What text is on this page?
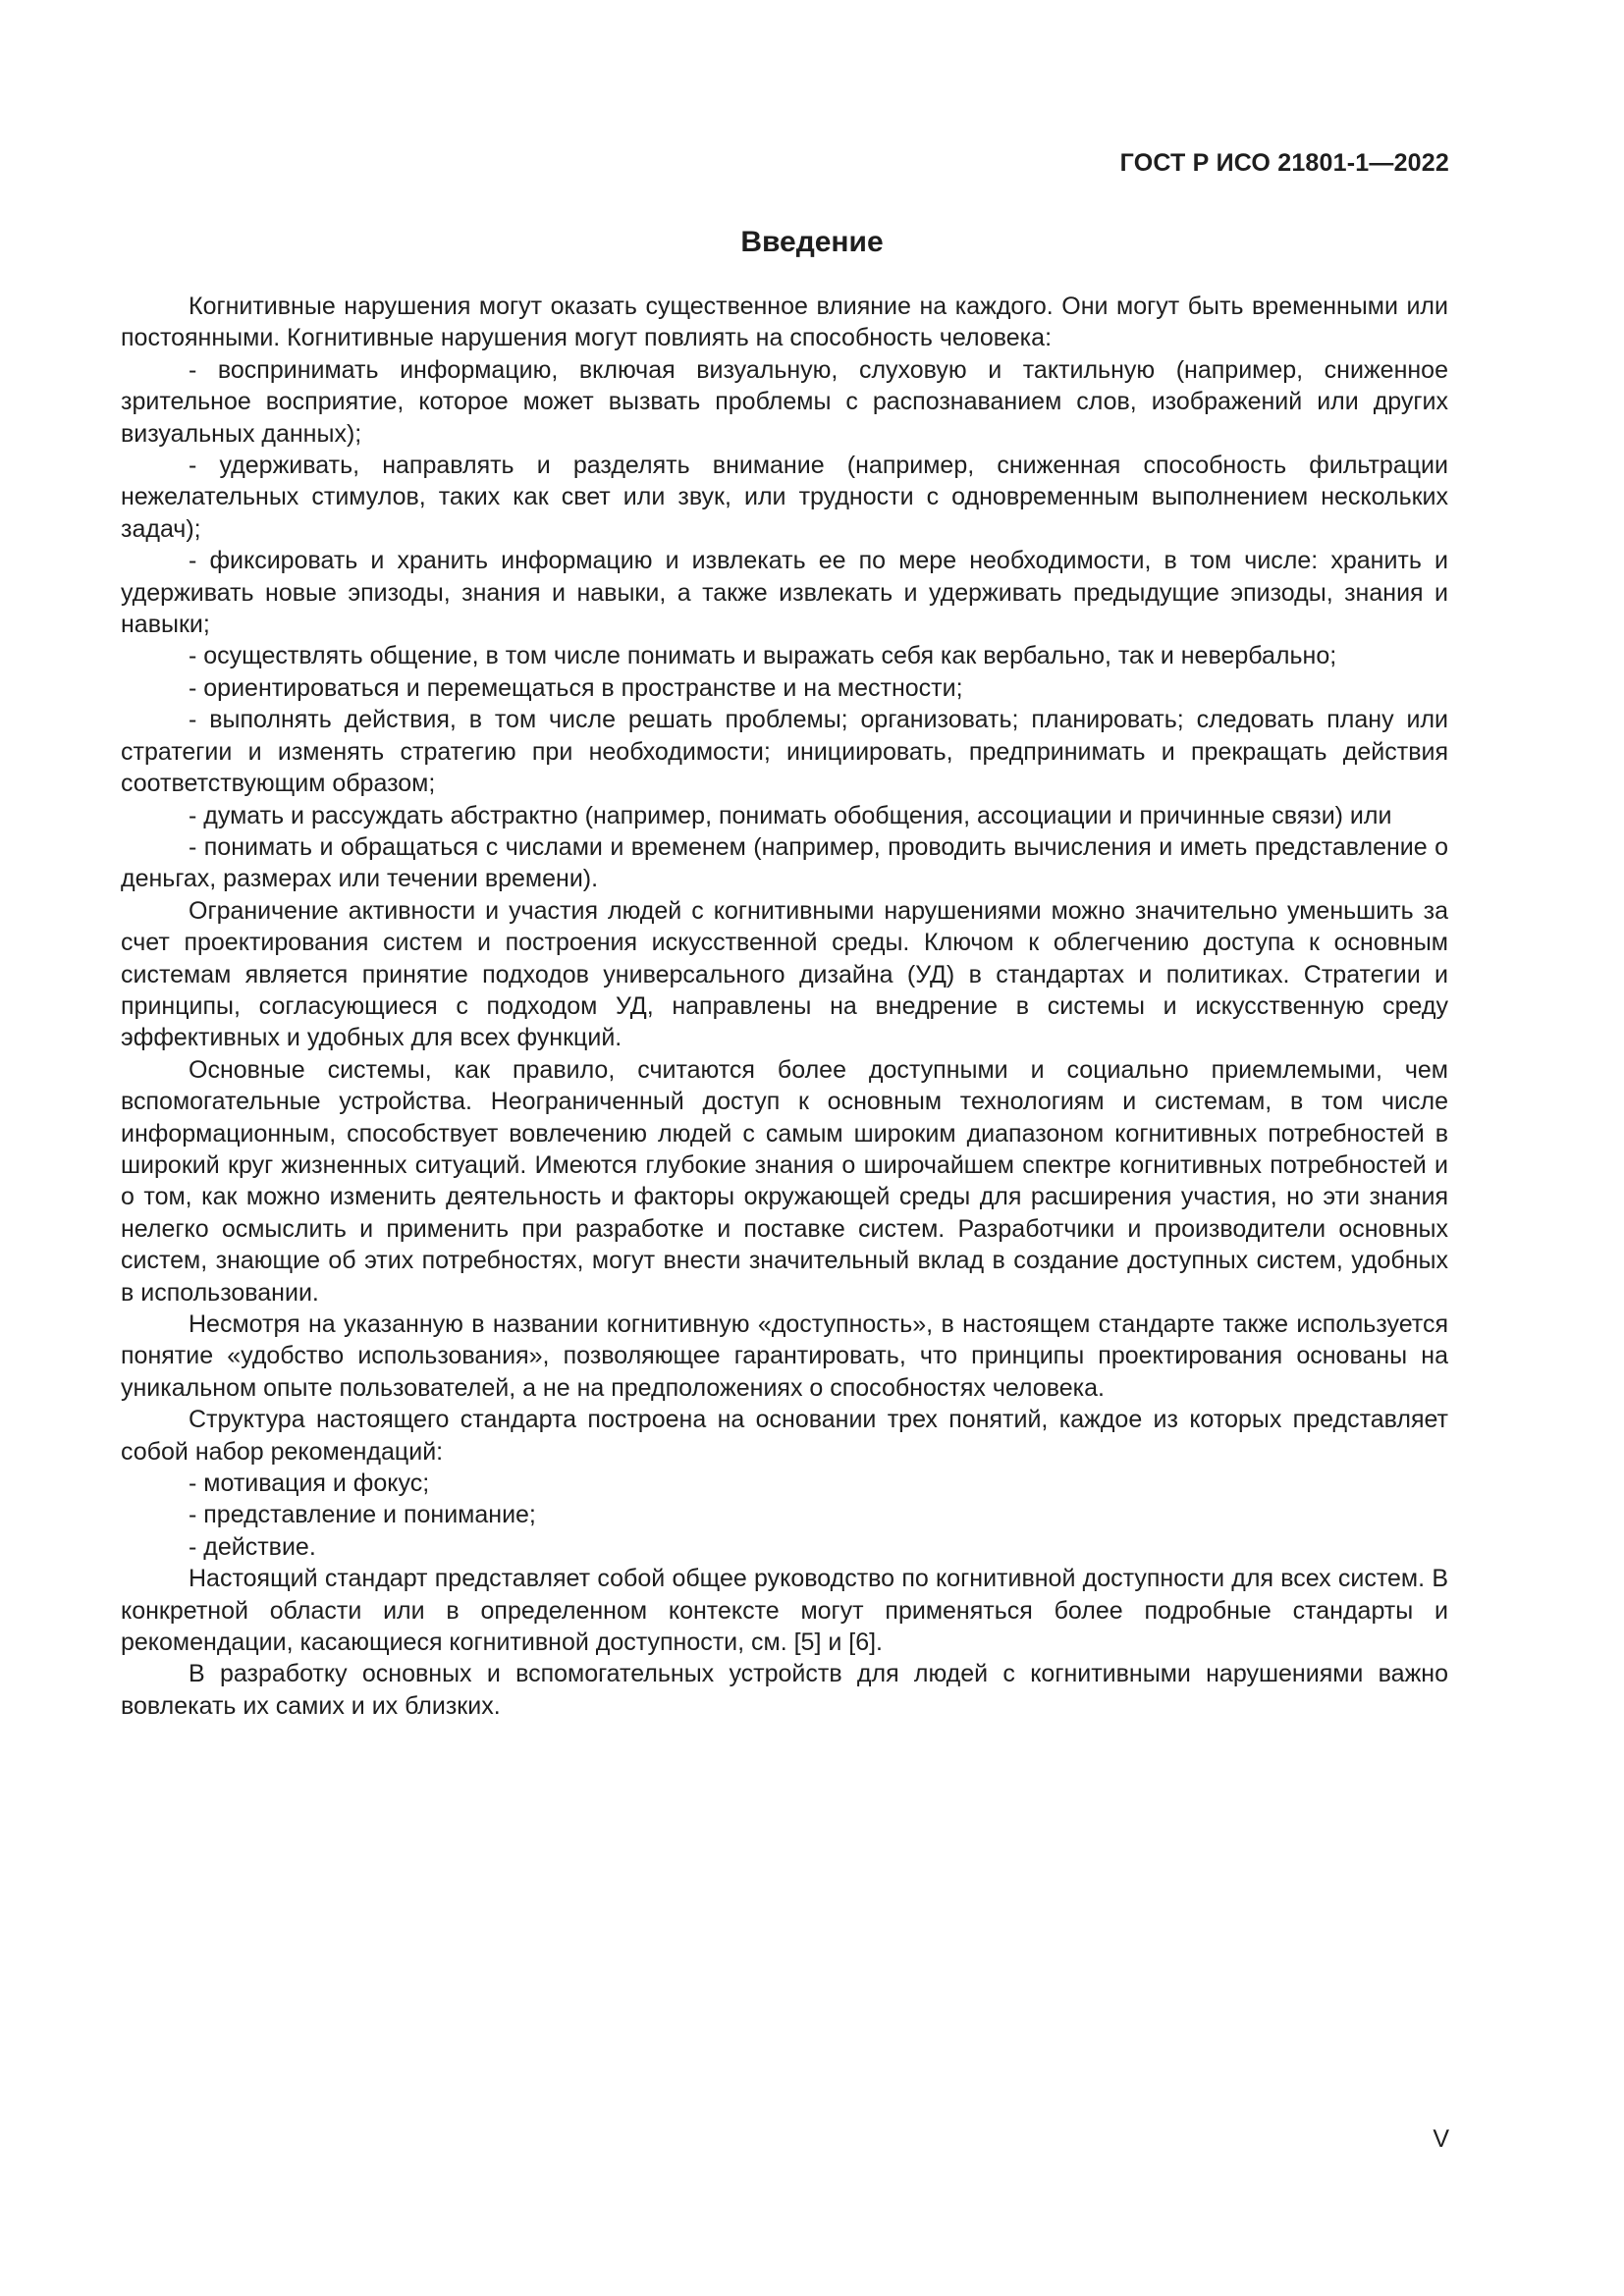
ГОСТ Р ИСО 21801-1—2022

Введение

Когнитивные нарушения могут оказать существенное влияние на каждого. Они могут быть временными или постоянными. Когнитивные нарушения могут повлиять на способность человека:

- воспринимать информацию, включая визуальную, слуховую и тактильную (например, сниженное зрительное восприятие, которое может вызвать проблемы с распознаванием слов, изображений или других визуальных данных);

- удерживать, направлять и разделять внимание (например, сниженная способность фильтрации нежелательных стимулов, таких как свет или звук, или трудности с одновременным выполнением нескольких задач);

- фиксировать и хранить информацию и извлекать ее по мере необходимости, в том числе: хранить и удерживать новые эпизоды, знания и навыки, а также извлекать и удерживать предыдущие эпизоды, знания и навыки;

- осуществлять общение, в том числе понимать и выражать себя как вербально, так и невербально;

- ориентироваться и перемещаться в пространстве и на местности;

- выполнять действия, в том числе решать проблемы; организовать; планировать; следовать плану или стратегии и изменять стратегию при необходимости; инициировать, предпринимать и прекращать действия соответствующим образом;

- думать и рассуждать абстрактно (например, понимать обобщения, ассоциации и причинные связи) или

- понимать и обращаться с числами и временем (например, проводить вычисления и иметь представление о деньгах, размерах или течении времени).

Ограничение активности и участия людей с когнитивными нарушениями можно значительно уменьшить за счет проектирования систем и построения искусственной среды. Ключом к облегчению доступа к основным системам является принятие подходов универсального дизайна (УД) в стандартах и политиках. Стратегии и принципы, согласующиеся с подходом УД, направлены на внедрение в системы и искусственную среду эффективных и удобных для всех функций.

Основные системы, как правило, считаются более доступными и социально приемлемыми, чем вспомогательные устройства. Неограниченный доступ к основным технологиям и системам, в том числе информационным, способствует вовлечению людей с самым широким диапазоном когнитивных потребностей в широкий круг жизненных ситуаций. Имеются глубокие знания о широчайшем спектре когнитивных потребностей и о том, как можно изменить деятельность и факторы окружающей среды для расширения участия, но эти знания нелегко осмыслить и применить при разработке и поставке систем. Разработчики и производители основных систем, знающие об этих потребностях, могут внести значительный вклад в создание доступных систем, удобных в использовании.

Несмотря на указанную в названии когнитивную «доступность», в настоящем стандарте также используется понятие «удобство использования», позволяющее гарантировать, что принципы проектирования основаны на уникальном опыте пользователей, а не на предположениях о способностях человека.

Структура настоящего стандарта построена на основании трех понятий, каждое из которых представляет собой набор рекомендаций:

- мотивация и фокус;

- представление и понимание;

- действие.

Настоящий стандарт представляет собой общее руководство по когнитивной доступности для всех систем. В конкретной области или в определенном контексте могут применяться более подробные стандарты и рекомендации, касающиеся когнитивной доступности, см. [5] и [6].

В разработку основных и вспомогательных устройств для людей с когнитивными нарушениями важно вовлекать их самих и их близких.

V
